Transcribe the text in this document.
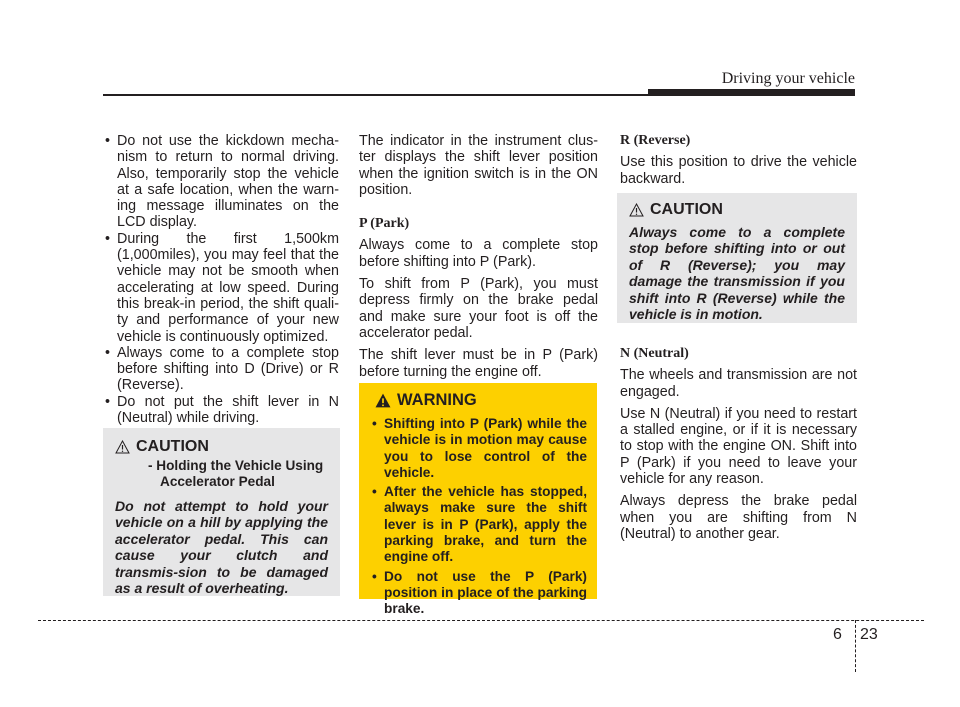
Driving your vehicle
• Do not use the kickdown mecha-nism to return to normal driving. Also, temporarily stop the vehicle at a safe location, when the warn-ing message illuminates on the LCD display.
• During the first 1,500km (1,000miles), you may feel that the vehicle may not be smooth when accelerating at low speed. During this break-in period, the shift quali-ty and performance of your new vehicle is continuously optimized.
• Always come to a complete stop before shifting into D (Drive) or R (Reverse).
• Do not put the shift lever in N (Neutral) while driving.
CAUTION
- Holding the Vehicle Using
Accelerator Pedal
Do not attempt to hold your vehicle on a hill by applying the accelerator pedal. This can cause your clutch and transmis-sion to be damaged as a result of overheating.

The indicator in the instrument clus-ter displays the shift lever position when the ignition switch is in the ON position.

P (Park)

Always come to a complete stop before shifting into P (Park).

To shift from P (Park), you must depress firmly on the brake pedal and make sure your foot is off the accelerator pedal.

The shift lever must be in P (Park) before turning the engine off.

WARNING
• Shifting into P (Park) while the vehicle is in motion may cause you to lose control of the vehicle.
• After the vehicle has stopped, always make sure the shift lever is in P (Park), apply the parking brake, and turn the engine off.
• Do not use the P (Park) position in place of the parking brake.
R (Reverse)

Use this position to drive the vehicle backward.

CAUTION
Always come to a complete stop before shifting into or out of R (Reverse); you may damage the transmission if you shift into R (Reverse) while the vehicle is in motion.
N (Neutral)

The wheels and transmission are not engaged.

Use N (Neutral) if you need to restart a stalled engine, or if it is necessary to stop with the engine ON. Shift into P (Park) if you need to leave your vehicle for any reason.

Always depress the brake pedal when you are shifting from N (Neutral) to another gear.

6 23
